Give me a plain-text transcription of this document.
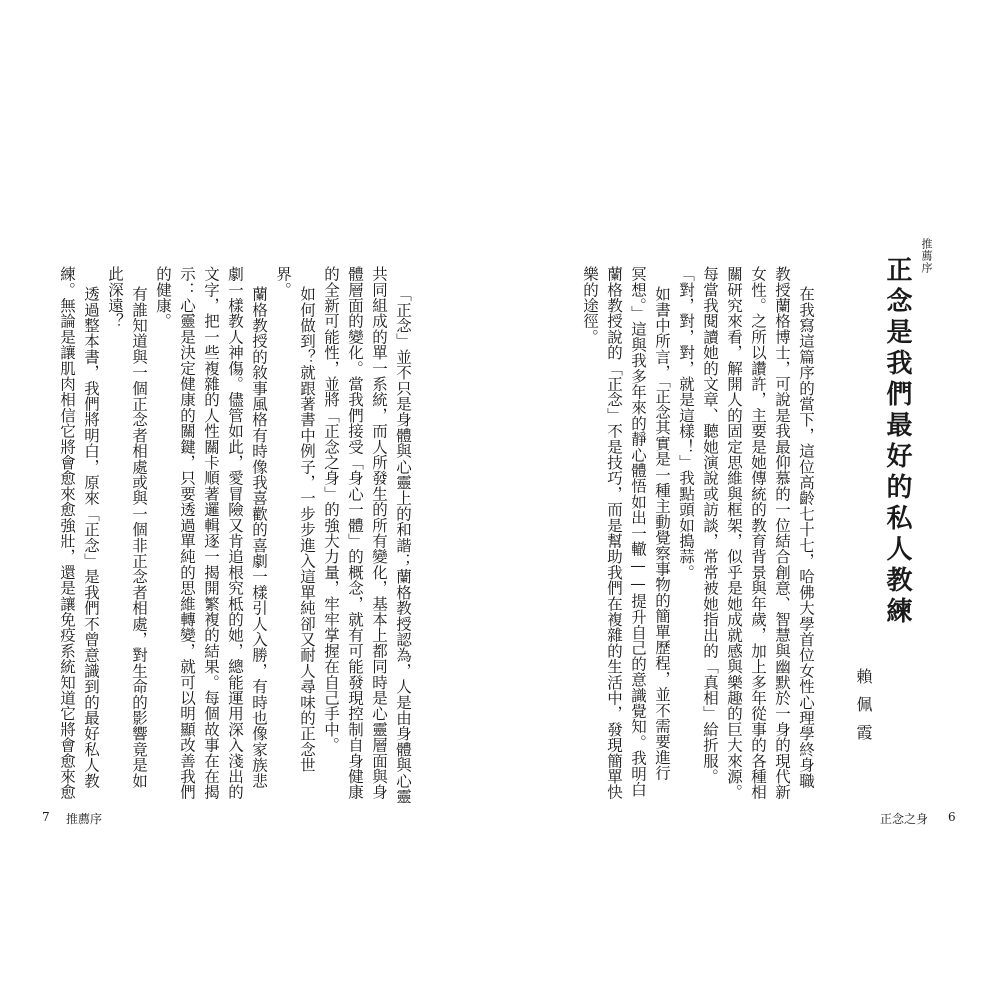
「正念」並不只是身體與心靈上的和諧；蘭格教授認為，人是由身體與心靈
共同組成的單一系統，而人所發生的所有變化，基本上都同時是心靈層面與身
體層面的變化。當我們接受「身心一體」的概念，就有可能發現控制自身健康
的全新可能性，並將「正念之身」的強大力量，牢牢掌握在自己手中。
如何做到？就跟著書中例子，一步步進入這單純卻又耐人尋味的正念世
界。
蘭格教授的敘事風格有時像我喜歡的喜劇一樣引人入勝，有時也像家族悲
劇一樣教人神傷。儘管如此，愛冒險又肯追根究柢的她，總能運用深入淺出的
文字，把一些複雜的人性關卡順著邏輯逐一揭開繁複的結果。每個故事在在揭
示：心靈是決定健康的關鍵，只要透過單純的思維轉變，就可以明顯改善我們
的健康。
有誰知道與一個正念者相處或與一個非正念者相處，對生命的影響竟是如
此深遠？
透過整本書，我們將明白，原來「正念」是我們不曾意識到的最好私人教
練。無論是讓肌肉相信它將會愈來愈強壯，還是讓免疫系統知道它將會愈來愈
7 推薦序
推薦序
正念是我們最好的私人教練
賴佩霞
在我寫這篇序的當下，這位高齡七十七，哈佛大學首位女性心理學終身職
教授蘭格博士，可說是我最仰慕的一位結合創意、智慧與幽默於一身的現代新
女性。之所以讚許，主要是她傳統的教育背景與年歲，加上多年從事的各種相
關研究來看，解開人的固定思維與框架，似乎是她成就感與樂趣的巨大來源。
每當我閱讀她的文章、聽她演說或訪談，常常被她指出的「真相」給折服。
「對，對，對，就是這樣！」我點頭如搗蒜。
如書中所言，「正念其實是一種主動覺察事物的簡單歷程，並不需要進行
冥想。」這與我多年來的靜心體悟如出一轍——提升自己的意識覺知。我明白
蘭格教授說的「正念」不是技巧，而是幫助我們在複雜的生活中，發現簡單快
樂的途徑。
正念之身 6
